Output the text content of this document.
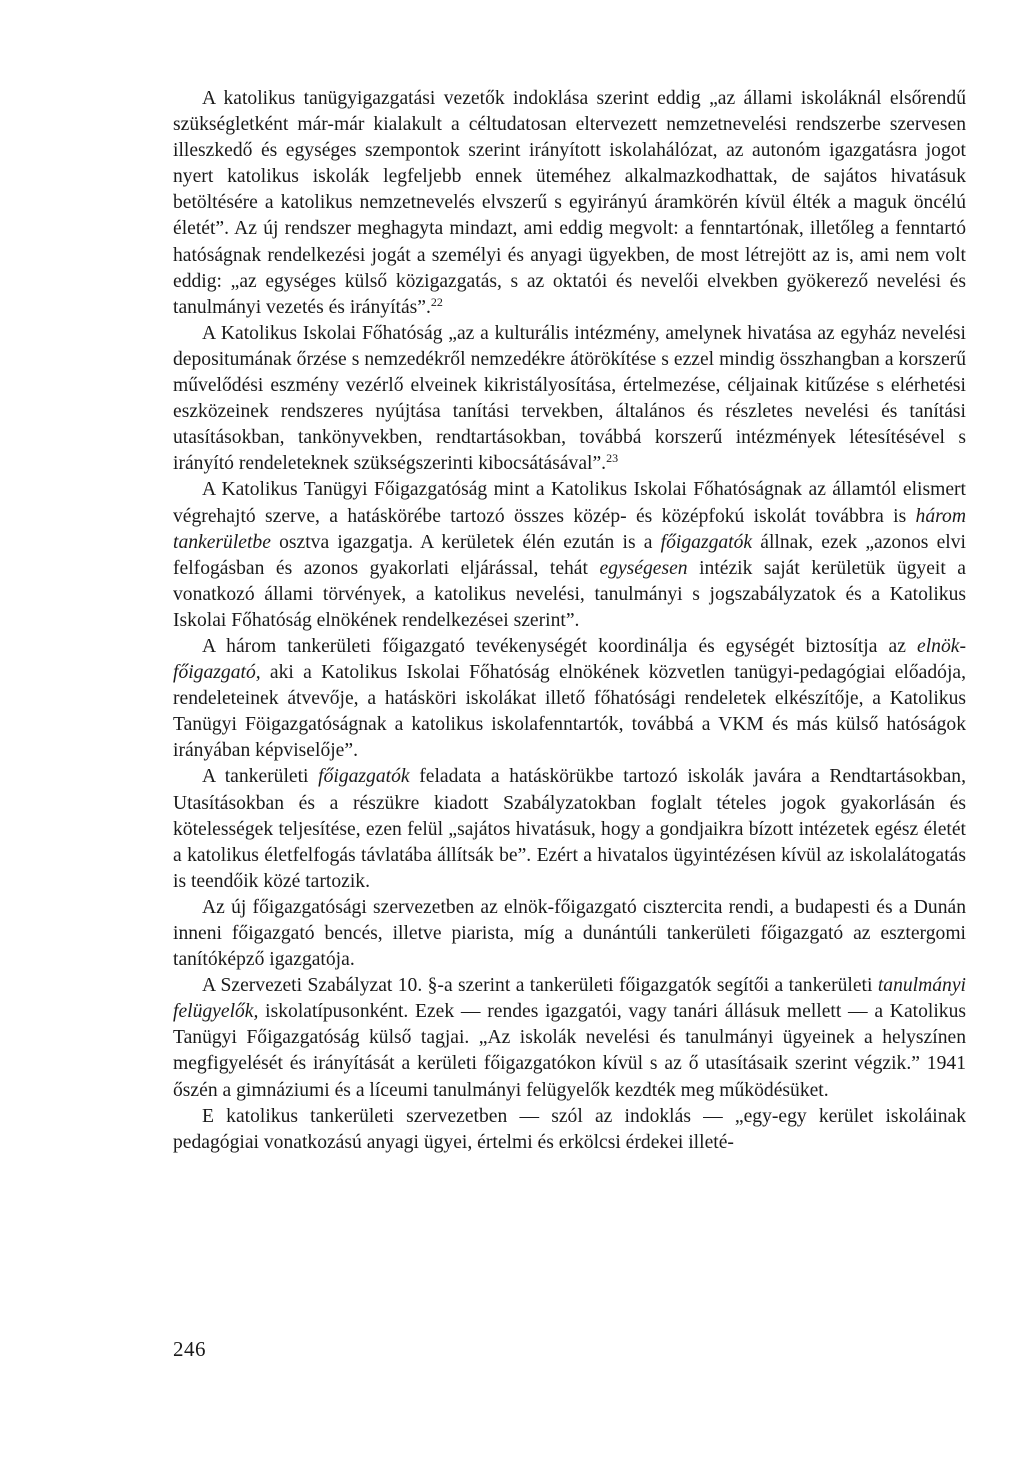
A katolikus tanügyigazgatási vezetők indoklása szerint eddig „az állami iskoláknál elsőrendű szükségletként már-már kialakult a céltudatosan eltervezett nemzetnevelési rendszerbe szervesen illeszkedő és egységes szempontok szerint irányított iskolahálózat, az autonóm igazgatásra jogot nyert katolikus iskolák legfeljebb ennek üteméhez alkalmazkodhattak, de sajátos hivatásuk betöltésére a katolikus nemzetnevelés elvszerű s egyirányú áramkörén kívül élték a maguk öncélú életét”. Az új rendszer meghagyta mindazt, ami eddig megvolt: a fenntartónak, illetőleg a fenntartó hatóságnak rendelkezési jogát a személyi és anyagi ügyekben, de most létrejött az is, ami nem volt eddig: „az egységes külső közigazgatás, s az oktatói és nevelői elvekben gyökerező nevelési és tanulmányi vezetés és irányítás”.$^{22}$

A Katolikus Iskolai Főhatóság „az a kulturális intézmény, amelynek hivatása az egyház nevelési depositumának őrzése s nemzedékről nemzedékre átörökítése s ezzel mindig összhangban a korszerű művelődési eszmény vezérlő elveinek kikristályosítása, értelmezése, céljainak kitűzése s elérhetési eszközeinek rendszeres nyújtása tanítási tervekben, általános és részletes nevelési és tanítási utasításokban, tankönyvekben, rendtartásokban, továbbá korszerű intézmények létesítésével s irányító rendeleteknek szükségszerinti kibocsátásával”.$^{23}$

A Katolikus Tanügyi Főigazgatóság mint a Katolikus Iskolai Főhatóságnak az államtól elismert végrehajtó szerve, a hatáskörébe tartozó összes közép- és középfokú iskolát továbbra is három tankerületbe osztva igazgatja. A kerületek élén ezután is a főigazgatók állnak, ezek „azonos elvi felfogásban és azonos gyakorlati eljárással, tehát egységesen intézik saját kerületük ügyeit a vonatkozó állami törvények, a katolikus nevelési, tanulmányi s jogszabályzatok és a Katolikus Iskolai Főhatóság elnökének rendelkezései szerint”.

A három tankerületi főigazgató tevékenységét koordinálja és egységét biztosítja az elnök-főigazgató, aki a Katolikus Iskolai Főhatóság elnökének közvetlen tanügyi-pedagógiai előadója, rendeleteinek átvevője, a hatásköri iskolákat illető főhatósági rendeletek elkészítője, a Katolikus Tanügyi Föigazgatóságnak a katolikus iskolafenntartók, továbbá a VKM és más külső hatóságok irányában képviselője”.

A tankerületi főigazgatók feladata a hatáskörükbe tartozó iskolák javára a Rendtartásokban, Utasításokban és a részükre kiadott Szabályzatokban foglalt tételes jogok gyakorlásán és kötelességek teljesítése, ezen felül „sajátos hivatásuk, hogy a gondjaikra bízott intézetek egész életét a katolikus életfelfogás távlatába állítsák be”. Ezért a hivatalos ügyintézésen kívül az iskolalátogatás is teendőik közé tartozik.

Az új főigazgatósági szervezetben az elnök-főigazgató cisztercita rendi, a budapesti és a Dunán inneni főigazgató bencés, illetve piarista, míg a dunántúli tankerületi főigazgató az esztergomi tanítóképző igazgatója.

A Szervezeti Szabályzat 10. §-a szerint a tankerületi főigazgatók segítői a tankerületi tanulmányi felügyelők, iskolatípusonként. Ezek — rendes igazgatói, vagy tanári állásuk mellett — a Katolikus Tanügyi Főigazgatóság külső tagjai. „Az iskolák nevelési és tanulmányi ügyeinek a helyszínen megfigyelését és irányítását a kerületi főigazgatókon kívül s az ő utasításaik szerint végzik.” 1941 őszén a gimnáziumi és a líceumi tanulmányi felügyelők kezdték meg működésüket.

E katolikus tankerületi szervezetben — szól az indoklás — „egy-egy kerület iskoláinak pedagógiai vonatkozású anyagi ügyei, értelmi és erkölcsi érdekei illeté-

246
